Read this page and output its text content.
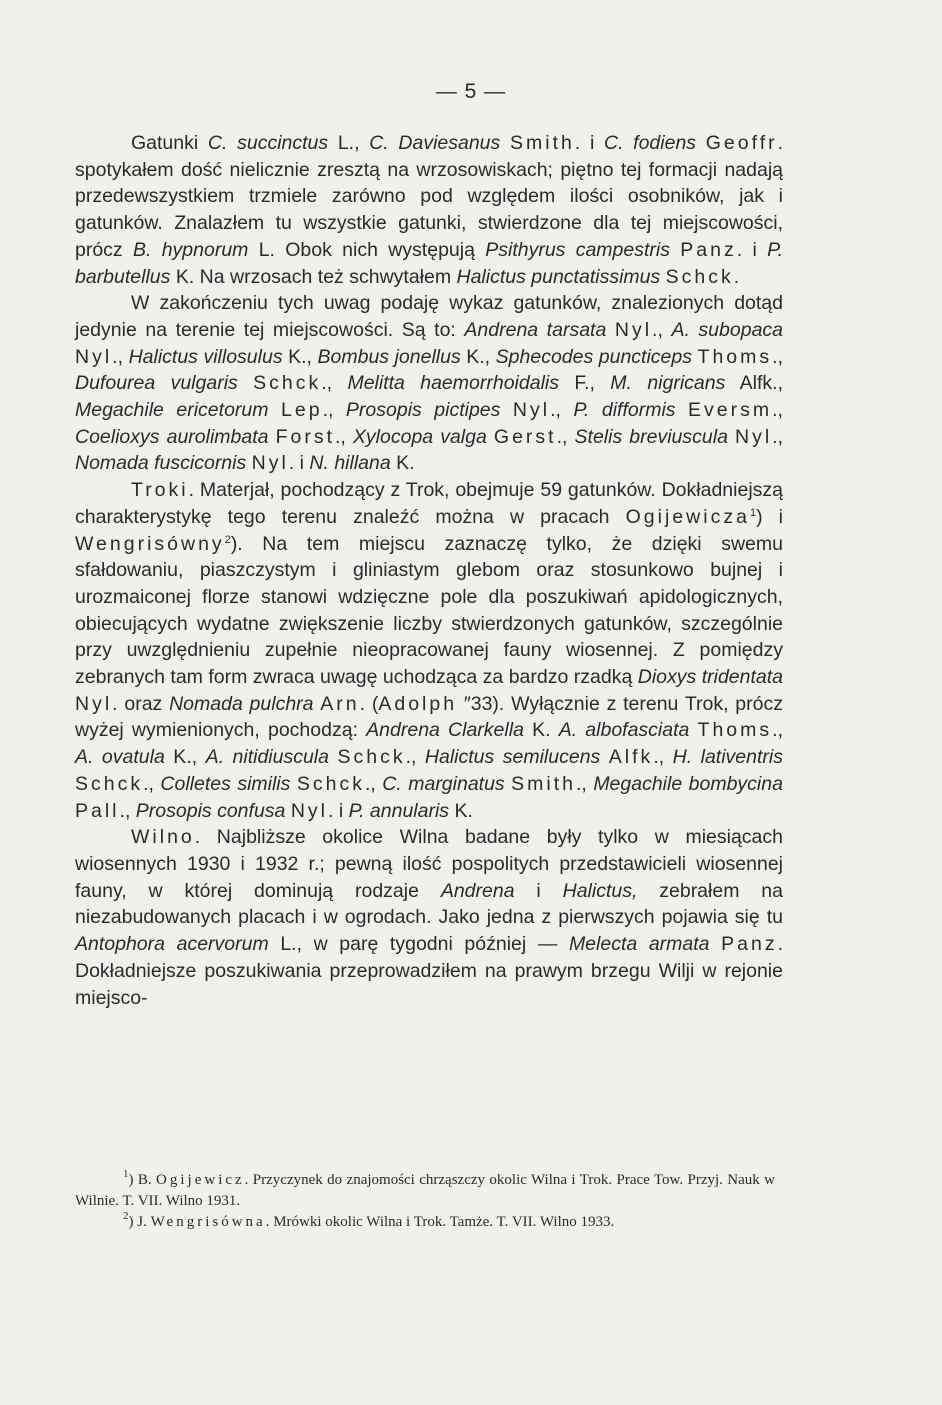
— 5 —

Gatunki C. succinctus L., C. Daviesanus Smith. i C. fodiens Geoffr. spotykałem dość nielicznie zresztą na wrzosowiskach; piętno tej formacji nadają przedewszystkiem trzmiele zarówno pod względem ilości osobników, jak i gatunków. Znalazłem tu wszystkie gatunki, stwierdzone dla tej miejscowości, prócz B. hypnorum L. Obok nich występują Psithyrus campestris Panz. i P. barbutellus K. Na wrzosach też schwytałem Halictus punctatissimus Schck.

W zakończeniu tych uwag podaję wykaz gatunków, znalezionych dotąd jedynie na terenie tej miejscowości. Są to: Andrena tarsata Nyl., A. subopaca Nyl., Halictus villosulus K., Bombus jonellus K., Sphecodes puncticeps Thoms., Dufourea vulgaris Schck., Melitta haemorrhoidalis F., M. nigricans Alfk., Megachile ericetorum Lep., Prosopis pictipes Nyl., P. difformis Eversm., Coelioxys aurolimbata Forst., Xylocopa valga Gerst., Stelis breviuscula Nyl., Nomada fuscicornis Nyl. i N. hillana K.

Troki. Materjał, pochodzący z Trok, obejmuje 59 gatunków. Dokładniejszą charakterystykę tego terenu znaleźć można w pracach Ogijewicza$^1$) i Wengrisówny$^2$). Na tem miejscu zaznaczę tylko, że dzięki swemu sfałdowaniu, piaszczystym i gliniastym glebom oraz stosunkowo bujnej i urozmaiconej florze stanowi wdzięczne pole dla poszukiwań apidologicznych, obiecujących wydatne zwiększenie liczby stwierdzonych gatunków, szczególnie przy uwzględnieniu zupełnie nieopracowanej fauny wiosennej. Z pomiędzy zebranych tam form zwraca uwagę uchodząca za bardzo rzadką Dioxys tridentata Nyl. oraz Nomada pulchra Arn. (Adolph ″33). Wyłącznie z terenu Trok, prócz wyżej wymienionych, pochodzą: Andrena Clarkella K. A. albofasciata Thoms., A. ovatula K., A. nitidiuscula Schck., Halictus semilucens Alfk., H. lativentris Schck., Colletes similis Schck., C. marginatus Smith., Megachile bombycina Pall., Prosopis confusa Nyl. i P. annularis K.

Wilno. Najbliższe okolice Wilna badane były tylko w miesiącach wiosennych 1930 i 1932 r.; pewną ilość pospolitych przedstawicieli wiosennej fauny, w której dominują rodzaje Andrena i Halictus, zebrałem na niezabudowanych placach i w ogrodach. Jako jedna z pierwszych pojawia się tu Antophora acervorum L., w parę tygodni później — Melecta armata Panz. Dokładniejsze poszukiwania przeprowadziłem na prawym brzegu Wilji w rejonie miejsco-

$^1$) B. Ogijewicz. Przyczynek do znajomości chrząszczy okolic Wilna i Trok. Prace Tow. Przyj. Nauk w Wilnie. T. VII. Wilno 1931.

$^2$) J. Wengrisówna. Mrówki okolic Wilna i Trok. Tamże. T. VII. Wilno 1933.
